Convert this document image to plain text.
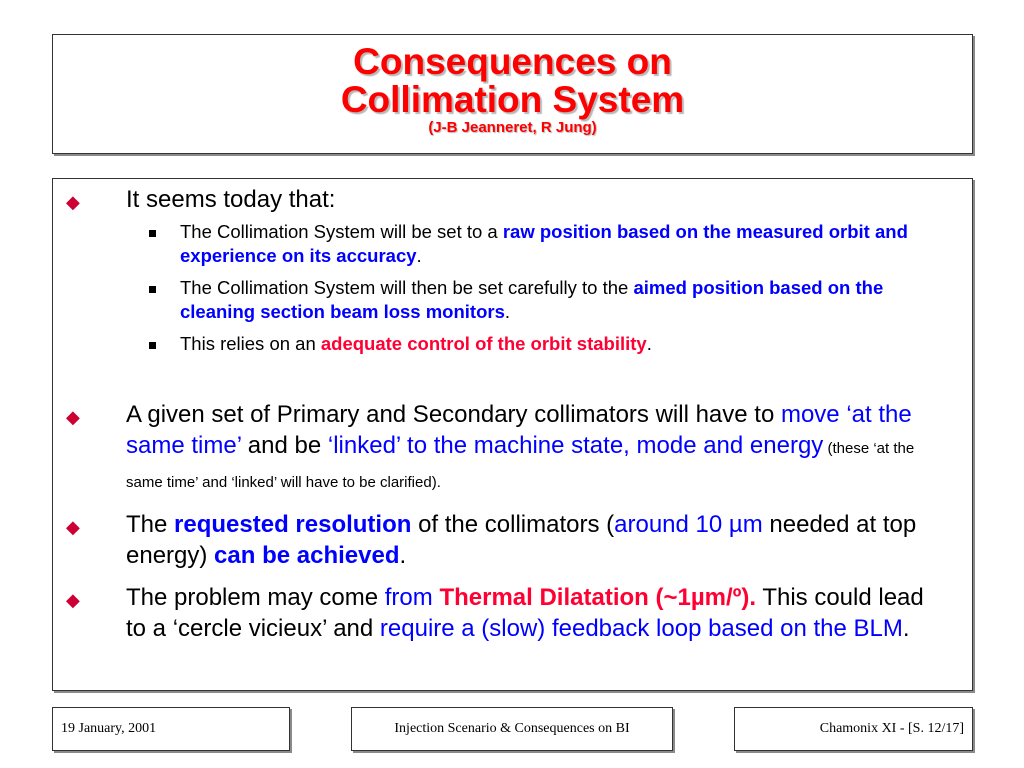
Consequences on
Collimation System
(J-B Jeanneret, R Jung)
◆ It seems today that:
The Collimation System will be set to a raw position based on the measured orbit and experience on its accuracy.
The Collimation System will then be set carefully to the aimed position based on the cleaning section beam loss monitors.
This relies on an adequate control of the orbit stability.
◆ A given set of Primary and Secondary collimators will have to move ‘at the same time’ and be ‘linked’ to the machine state, mode and energy (these ‘at the same time’ and ‘linked’ will have to be clarified).
◆ The requested resolution of the collimators (around 10 µm needed at top energy) can be achieved.
◆ The problem may come from Thermal Dilatation (~1µm/º). This could lead to a ‘cercle vicieux’ and require a (slow) feedback loop based on the BLM.
19 January, 2001	Injection Scenario & Consequences on BI	Chamonix XI - [S. 12/17]
